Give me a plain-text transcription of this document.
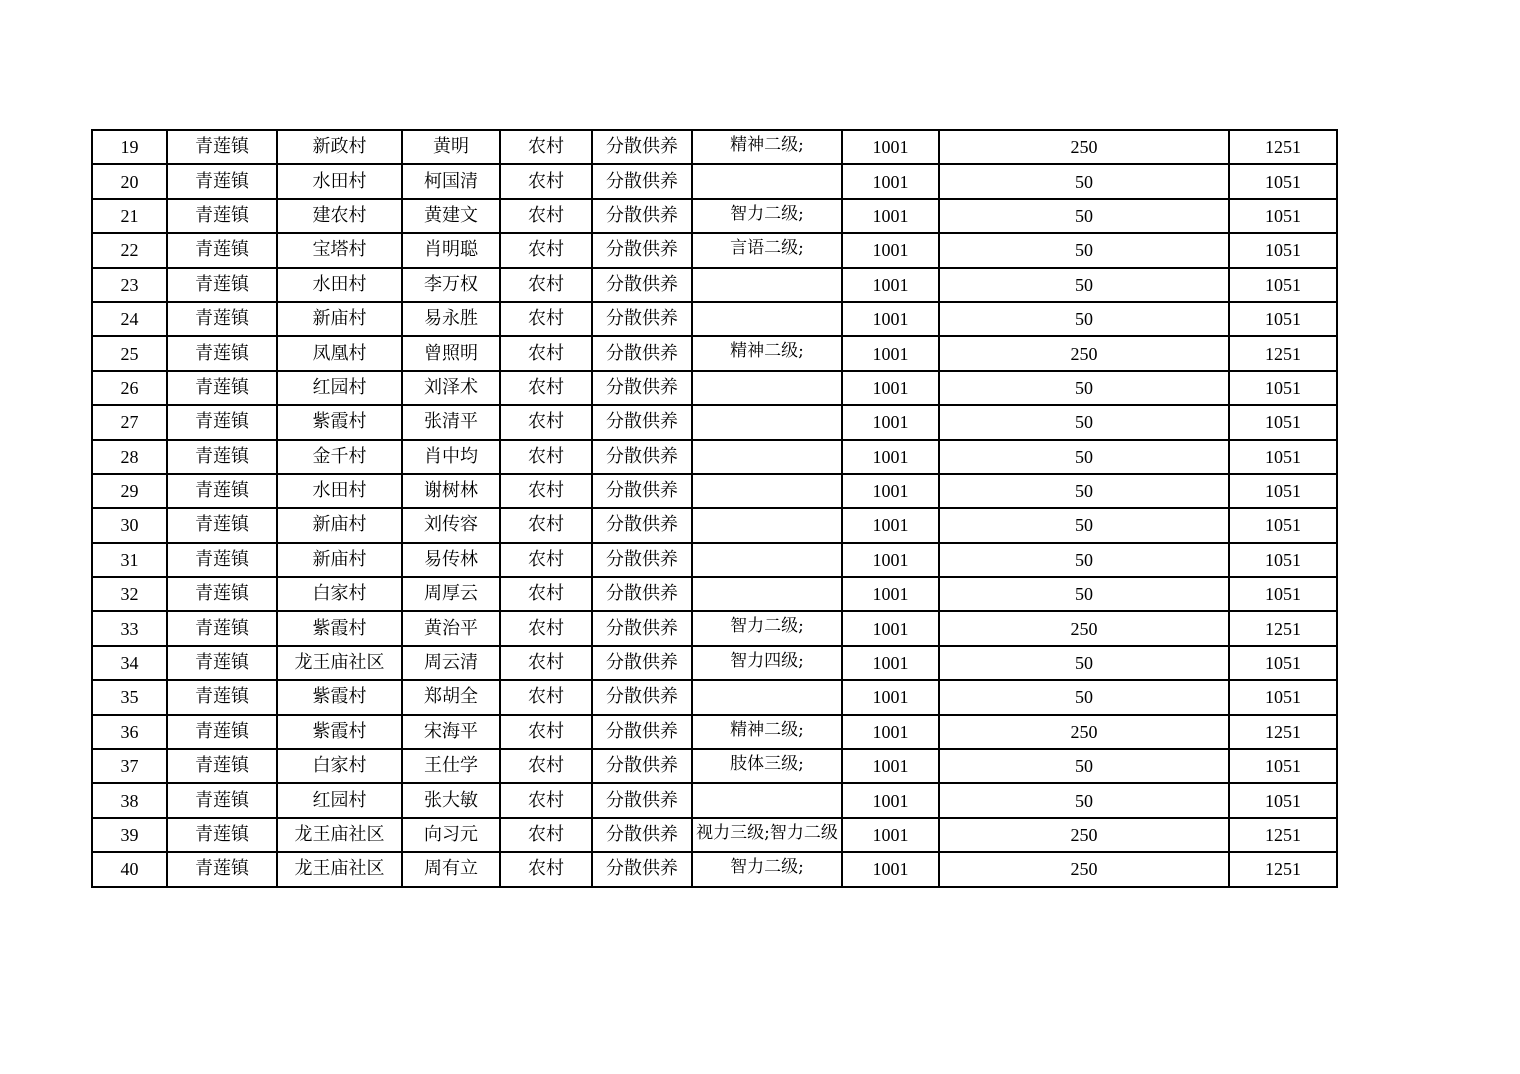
19	青莲镇	新政村	黄明	农村	分散供养	精神二级;	1001	250	1251
20	青莲镇	水田村	柯国清	农村	分散供养		1001	50	1051
21	青莲镇	建农村	黄建文	农村	分散供养	智力二级;	1001	50	1051
22	青莲镇	宝塔村	肖明聪	农村	分散供养	言语二级;	1001	50	1051
23	青莲镇	水田村	李万权	农村	分散供养		1001	50	1051
24	青莲镇	新庙村	易永胜	农村	分散供养		1001	50	1051
25	青莲镇	凤凰村	曾照明	农村	分散供养	精神二级;	1001	250	1251
26	青莲镇	红园村	刘泽术	农村	分散供养		1001	50	1051
27	青莲镇	紫霞村	张清平	农村	分散供养		1001	50	1051
28	青莲镇	金千村	肖中均	农村	分散供养		1001	50	1051
29	青莲镇	水田村	谢树林	农村	分散供养		1001	50	1051
30	青莲镇	新庙村	刘传容	农村	分散供养		1001	50	1051
31	青莲镇	新庙村	易传林	农村	分散供养		1001	50	1051
32	青莲镇	白家村	周厚云	农村	分散供养		1001	50	1051
33	青莲镇	紫霞村	黄治平	农村	分散供养	智力二级;	1001	250	1251
34	青莲镇	龙王庙社区	周云清	农村	分散供养	智力四级;	1001	50	1051
35	青莲镇	紫霞村	郑胡全	农村	分散供养		1001	50	1051
36	青莲镇	紫霞村	宋海平	农村	分散供养	精神二级;	1001	250	1251
37	青莲镇	白家村	王仕学	农村	分散供养	肢体三级;	1001	50	1051
38	青莲镇	红园村	张大敏	农村	分散供养		1001	50	1051
39	青莲镇	龙王庙社区	向习元	农村	分散供养	视力三级;智力二级	1001	250	1251
40	青莲镇	龙王庙社区	周有立	农村	分散供养	智力二级;	1001	250	1251
